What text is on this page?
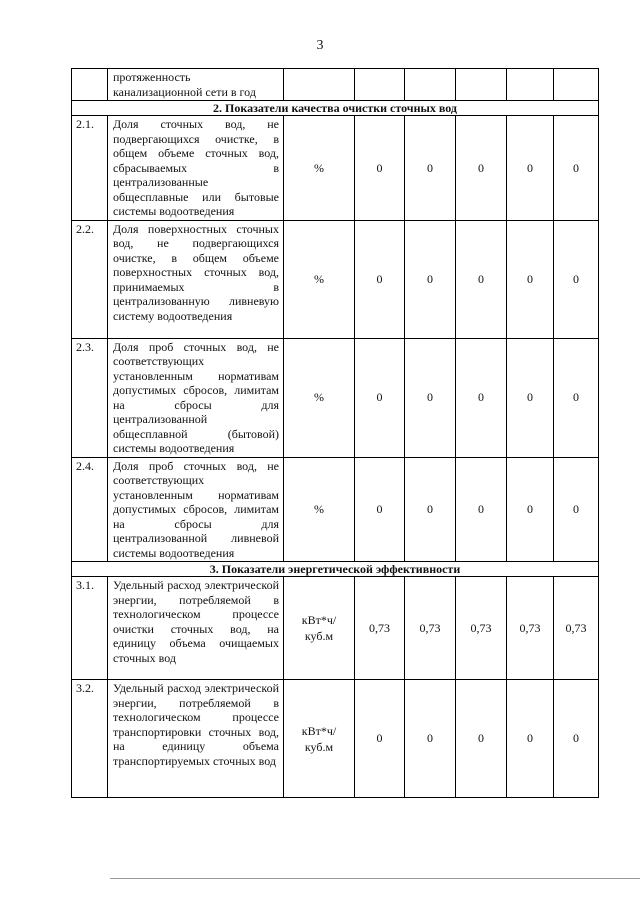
3
	протяженность канализационной сети в год						
2. Показатели качества очистки сточных вод							
2.1.	Доля сточных вод, не подвергающихся очистке, в общем объеме сточных вод, сбрасываемых в централизованные общесплавные или бытовые системы водоотведения	%	0	0	0	0	0
2.2.	Доля поверхностных сточных вод, не подвергающихся очистке, в общем объеме поверхностных сточных вод, принимаемых в централизованную ливневую систему водоотведения	%	0	0	0	0	0
2.3.	Доля проб сточных вод, не соответствующих установленным нормативам допустимых сбросов, лимитам на сбросы для централизованной общесплавной (бытовой) системы водоотведения	%	0	0	0	0	0
2.4.	Доля проб сточных вод, не соответствующих установленным нормативам допустимых сбросов, лимитам на сбросы для централизованной ливневой системы водоотведения	%	0	0	0	0	0
3. Показатели энергетической эффективности							
3.1.	Удельный расход электрической энергии, потребляемой в технологическом процессе очистки сточных вод, на единицу объема очищаемых сточных вод	кВт*ч/ куб.м	0,73	0,73	0,73	0,73	0,73
3.2.	Удельный расход электрической энергии, потребляемой в технологическом процессе транспортировки сточных вод, на единицу объема транспортируемых сточных вод	кВт*ч/ куб.м	0	0	0	0	0
